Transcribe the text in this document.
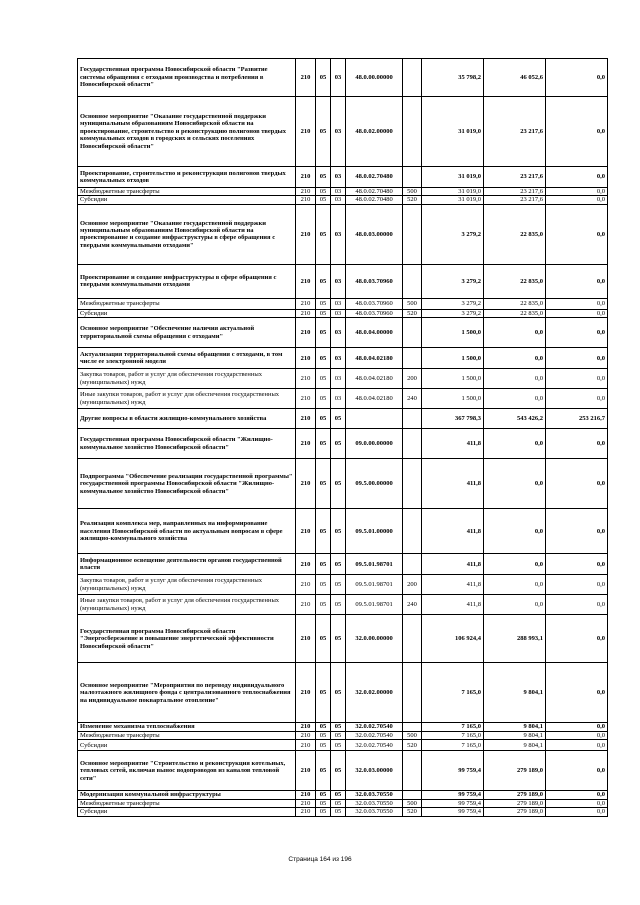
Государственная программа Новосибирской области "Развитие системы обращения с отходами производства и потребления в Новосибирской области"	210	05	03	48.0.00.00000		35 798,2	46 052,6	0,0
Основное мероприятие "Оказание государственной поддержки муниципальным образованиям Новосибирской области на проектирование, строительство и реконструкцию полигонов твердых коммунальных отходов в городских и сельских поселениях Новосибирской области"	210	05	03	48.0.02.00000		31 019,0	23 217,6	0,0
Проектирование, строительство и реконструкция полигонов твердых коммунальных отходов	210	05	03	48.0.02.70480		31 019,0	23 217,6	0,0
Межбюджетные трансферты	210	05	03	48.0.02.70480	500	31 019,0	23 217,6	0,0
Субсидии	210	05	03	48.0.02.70480	520	31 019,0	23 217,6	0,0
Основное мероприятие "Оказание государственной поддержки муниципальным образованиям Новосибирской области на проектирование и создание инфраструктуры в сфере обращения с твердыми коммунальными отходами"	210	05	03	48.0.03.00000		3 279,2	22 835,0	0,0
Проектирование и создание инфраструктуры в сфере обращения с твердыми коммунальными отходами	210	05	03	48.0.03.70960		3 279,2	22 835,0	0,0
Межбюджетные трансферты	210	05	03	48.0.03.70960	500	3 279,2	22 835,0	0,0
Субсидии	210	05	03	48.0.03.70960	520	3 279,2	22 835,0	0,0
Основное мероприятие "Обеспечение наличия актуальной территориальной схемы обращения с отходами"	210	05	03	48.0.04.00000		1 500,0	0,0	0,0
Актуализация территориальной схемы обращения с отходами, в том числе ее электронной модели	210	05	03	48.0.04.02180		1 500,0	0,0	0,0
Закупка товаров, работ и услуг для обеспечения государственных (муниципальных) нужд	210	05	03	48.0.04.02180	200	1 500,0	0,0	0,0
Иные закупки товаров, работ и услуг для обеспечения государственных (муниципальных) нужд	210	05	03	48.0.04.02180	240	1 500,0	0,0	0,0
Другие вопросы в области жилищно-коммунального хозяйства	210	05	05			367 798,3	543 426,2	253 216,7
Государственная программа Новосибирской области "Жилищно-коммунальное хозяйство Новосибирской области"	210	05	05	09.0.00.00000		411,8	0,0	0,0
Подпрограмма "Обеспечение реализации государственной программы" государственной программы Новосибирской области "Жилищно-коммунальное хозяйство Новосибирской области"	210	05	05	09.5.00.00000		411,8	0,0	0,0
Реализация комплекса мер, направленных на информирование населения Новосибирской области по актуальным вопросам в сфере жилищно-коммунального хозяйства	210	05	05	09.5.01.00000		411,8	0,0	0,0
Информационное освещение деятельности органов государственной власти	210	05	05	09.5.01.98701		411,8	0,0	0,0
Закупка товаров, работ и услуг для обеспечения государственных (муниципальных) нужд	210	05	05	09.5.01.98701	200	411,8	0,0	0,0
Иные закупки товаров, работ и услуг для обеспечения государственных (муниципальных) нужд	210	05	05	09.5.01.98701	240	411,8	0,0	0,0
Государственная программа Новосибирской области "Энергосбережение и повышение энергетической эффективности Новосибирской области"	210	05	05	32.0.00.00000		106 924,4	288 993,1	0,0
Основное мероприятие "Мероприятия по переводу индивидуального малоэтажного жилищного фонда с централизованного теплоснабжения на индивидуальное поквартальное отопление"	210	05	05	32.0.02.00000		7 165,0	9 804,1	0,0
Изменение механизма теплоснабжения	210	05	05	32.0.02.70540		7 165,0	9 804,1	0,0
Межбюджетные трансферты	210	05	05	32.0.02.70540	500	7 165,0	9 804,1	0,0
Субсидии	210	05	05	32.0.02.70540	520	7 165,0	9 804,1	0,0
Основное мероприятие "Строительство и реконструкция котельных, тепловых сетей, включая вынос водопроводов из каналов тепловой сети"	210	05	05	32.0.03.00000		99 759,4	279 189,0	0,0
Модернизация коммунальной инфраструктуры	210	05	05	32.0.03.70550		99 759,4	279 189,0	0,0
Межбюджетные трансферты	210	05	05	32.0.03.70550	500	99 759,4	279 189,0	0,0
Субсидии	210	05	05	32.0.03.70550	520	99 759,4	279 189,0	0,0
Страница 164 из 196
